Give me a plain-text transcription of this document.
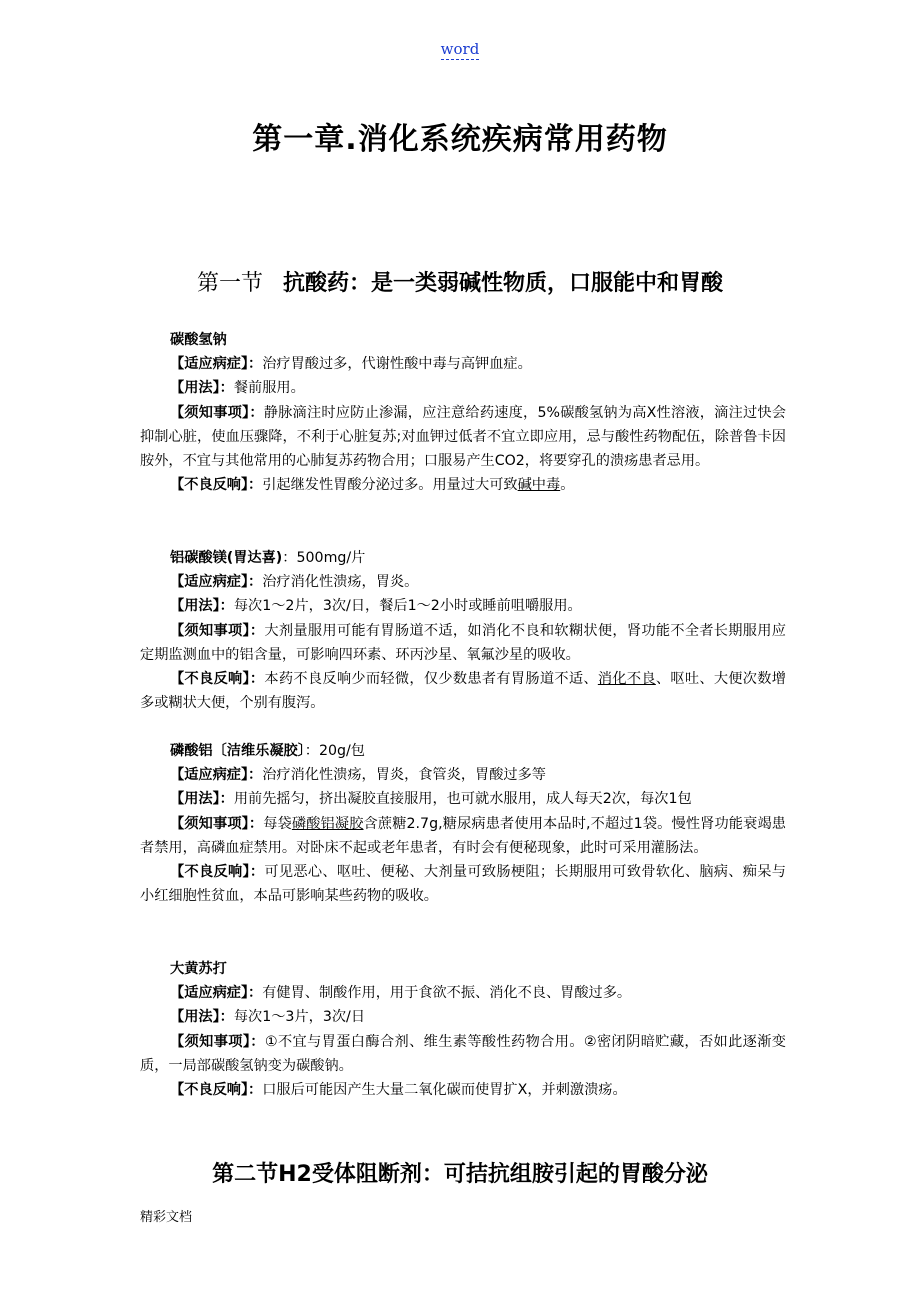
word
第一章.消化系统疾病常用药物
第一节 抗酸药：是一类弱碱性物质，口服能中和胃酸

碳酸氢钠

【适应病症】：治疗胃酸过多，代谢性酸中毒与高钾血症。

【用法】：餐前服用。

【须知事项】：静脉滴注时应防止渗漏，应注意给药速度，5%碳酸氢钠为高X性溶液，滴注过快会抑制心脏，使血压骤降，不利于心脏复苏;对血钾过低者不宜立即应用，忌与酸性药物配伍，除普鲁卡因胺外，不宜与其他常用的心肺复苏药物合用；口服易产生CO2，将要穿孔的溃疡患者忌用。

【不良反响】：引起继发性胃酸分泌过多。用量过大可致碱中毒。

铝碳酸镁(胃达喜)：500mg/片

【适应病症】：治疗消化性溃疡，胃炎。

【用法】：每次1～2片，3次/日，餐后1～2小时或睡前咀嚼服用。

【须知事项】：大剂量服用可能有胃肠道不适，如消化不良和软糊状便，肾功能不全者长期服用应定期监测血中的铝含量，可影响四环素、环丙沙星、氧氟沙星的吸收。

【不良反响】：本药不良反响少而轻微，仅少数患者有胃肠道不适、消化不良、呕吐、大便次数增多或糊状大便，个别有腹泻。

磷酸铝〔洁维乐凝胶〕：20g/包

【适应病症】：治疗消化性溃疡，胃炎，食管炎，胃酸过多等

【用法】：用前先摇匀，挤出凝胶直接服用，也可就水服用，成人每天2次，每次1包

【须知事项】：每袋磷酸铝凝胶含蔗糖2.7g,糖尿病患者使用本品时,不超过1袋。慢性肾功能衰竭患者禁用，高磷血症禁用。对卧床不起或老年患者，有时会有便秘现象，此时可采用灌肠法。

【不良反响】：可见恶心、呕吐、便秘、大剂量可致肠梗阻；长期服用可致骨软化、脑病、痴呆与小红细胞性贫血，本品可影响某些药物的吸收。

大黄苏打

【适应病症】：有健胃、制酸作用，用于食欲不振、消化不良、胃酸过多。

【用法】：每次1～3片，3次/日

【须知事项】：①不宜与胃蛋白酶合剂、维生素等酸性药物合用。②密闭阴暗贮藏，否如此逐渐变质，一局部碳酸氢钠变为碳酸钠。

【不良反响】：口服后可能因产生大量二氧化碳而使胃扩X，并刺激溃疡。

第二节H2受体阻断剂：可拮抗组胺引起的胃酸分泌
精彩文档
